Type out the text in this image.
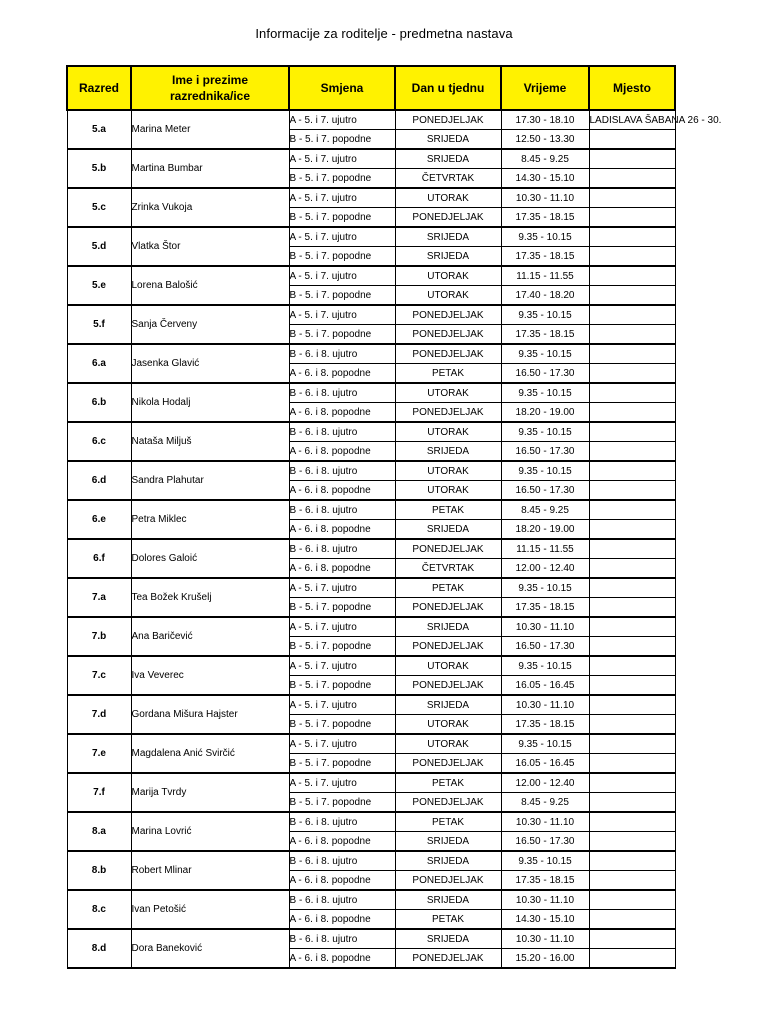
Informacije za roditelje - predmetna nastava
Razred	Ime i prezime
razrednika/ice	Smjena	Dan u tjednu	Vrijeme	Mjesto
5.a	Marina Meter	A - 5. i 7. ujutro	PONEDJELJAK	17.30 - 18.10	LADISLAVA ŠABANA 26 - 30.
		B - 5. i 7. popodne	SRIJEDA	12.50 - 13.30	
5.b	Martina Bumbar	A - 5. i 7. ujutro	SRIJEDA	8.45 - 9.25	
		B - 5. i 7. popodne	ČETVRTAK	14.30 - 15.10	
5.c	Zrinka Vukoja	A - 5. i 7. ujutro	UTORAK	10.30 - 11.10	
		B - 5. i 7. popodne	PONEDJELJAK	17.35 - 18.15	
5.d	Vlatka Štor	A - 5. i 7. ujutro	SRIJEDA	9.35 - 10.15	
		B - 5. i 7. popodne	SRIJEDA	17.35 - 18.15	
5.e	Lorena Balošić	A - 5. i 7. ujutro	UTORAK	11.15 - 11.55	
		B - 5. i 7. popodne	UTORAK	17.40 - 18.20	
5.f	Sanja Červeny	A - 5. i 7. ujutro	PONEDJELJAK	9.35 - 10.15	
		B - 5. i 7. popodne	PONEDJELJAK	17.35 - 18.15	
6.a	Jasenka Glavić	B - 6. i 8. ujutro	PONEDJELJAK	9.35 - 10.15	
		A - 6. i 8. popodne	PETAK	16.50 - 17.30	
6.b	Nikola Hodalj	B - 6. i 8. ujutro	UTORAK	9.35 - 10.15	
		A - 6. i 8. popodne	PONEDJELJAK	18.20 - 19.00	
6.c	Nataša Miljuš	B - 6. i 8. ujutro	UTORAK	9.35 - 10.15	
		A - 6. i 8. popodne	SRIJEDA	16.50 - 17.30	
6.d	Sandra Plahutar	B - 6. i 8. ujutro	UTORAK	9.35 - 10.15	
		A - 6. i 8. popodne	UTORAK	16.50 - 17.30	
6.e	Petra Miklec	B - 6. i 8. ujutro	PETAK	8.45 - 9.25	
		A - 6. i 8. popodne	SRIJEDA	18.20 - 19.00	
6.f	Dolores Galoić	B - 6. i 8. ujutro	PONEDJELJAK	11.15 - 11.55	
		A - 6. i 8. popodne	ČETVRTAK	12.00 - 12.40	
7.a	Tea Božek Krušelj	A - 5. i 7. ujutro	PETAK	9.35 - 10.15	
		B - 5. i 7. popodne	PONEDJELJAK	17.35 - 18.15	
7.b	Ana Baričević	A - 5. i 7. ujutro	SRIJEDA	10.30 - 11.10	
		B - 5. i 7. popodne	PONEDJELJAK	16.50 - 17.30	
7.c	Iva Veverec	A - 5. i 7. ujutro	UTORAK	9.35 - 10.15	
		B - 5. i 7. popodne	PONEDJELJAK	16.05 - 16.45	
7.d	Gordana Mišura Hajster	A - 5. i 7. ujutro	SRIJEDA	10.30 - 11.10	
		B - 5. i 7. popodne	UTORAK	17.35 - 18.15	
7.e	Magdalena Anić Svirčić	A - 5. i 7. ujutro	UTORAK	9.35 - 10.15	
		B - 5. i 7. popodne	PONEDJELJAK	16.05 - 16.45	
7.f	Marija Tvrdy	A - 5. i 7. ujutro	PETAK	12.00 - 12.40	
		B - 5. i 7. popodne	PONEDJELJAK	8.45 - 9.25	
8.a	Marina Lovrić	B - 6. i 8. ujutro	PETAK	10.30 - 11.10	
		A - 6. i 8. popodne	SRIJEDA	16.50 - 17.30	
8.b	Robert Mlinar	B - 6. i 8. ujutro	SRIJEDA	9.35 - 10.15	
		A - 6. i 8. popodne	PONEDJELJAK	17.35 - 18.15	
8.c	Ivan Petošić	B - 6. i 8. ujutro	SRIJEDA	10.30 - 11.10	
		A - 6. i 8. popodne	PETAK	14.30 - 15.10	
8.d	Dora Baneković	B - 6. i 8. ujutro	SRIJEDA	10.30 - 11.10	
		A - 6. i 8. popodne	PONEDJELJAK	15.20 - 16.00	
